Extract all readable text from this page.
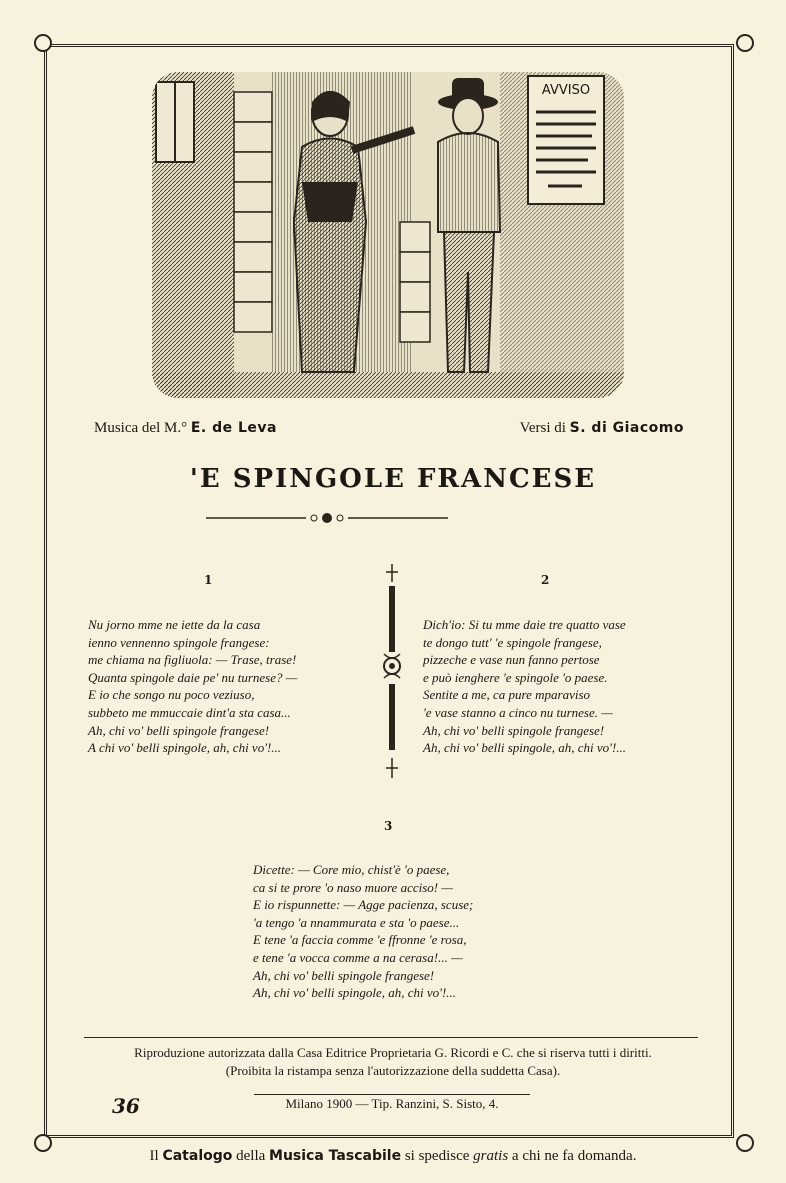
AVVISO
Musica del M.° E. de Leva	Versi di S. di Giacomo
'E SPINGOLE FRANCESE
1
Nu jorno mme ne iette da la casa
ienno vennenno spingole frangese:
me chiama na figliuola: — Trase, trase!
Quanta spingole daie pe' nu turnese? —
E io che songo nu poco veziuso,
subbeto me mmuccaie dint'a sta casa...
Ah, chi vo' belli spingole frangese!
A chi vo' belli spingole, ah, chi vo'!...
2
Dich'io: Si tu mme daie tre quatto vase
te dongo tutt' 'e spingole frangese,
pizzeche e vase nun fanno pertose
e può ienghere 'e spingole 'o paese.
Sentite a me, ca pure mparaviso
'e vase stanno a cinco nu turnese. —
Ah, chi vo' belli spingole frangese!
Ah, chi vo' belli spingole, ah, chi vo'!...
3
Dicette: — Core mio, chist'è 'o paese,
ca si te prore 'o naso muore acciso! —
E io rispunnette: — Agge pacienza, scuse;
'a tengo 'a nnammurata e sta 'o paese...
E tene 'a faccia comme 'e ffronne 'e rosa,
e tene 'a vocca comme a na cerasa!... —
Ah, chi vo' belli spingole frangese!
Ah, chi vo' belli spingole, ah, chi vo'!...
Riproduzione autorizzata dalla Casa Editrice Proprietaria G. Ricordi e C. che si riserva tutti i diritti.
(Proibita la ristampa senza l'autorizzazione della suddetta Casa).
36	Milano 1900 — Tip. Ranzini, S. Sisto, 4.
Il Catalogo della Musica Tascabile si spedisce gratis a chi ne fa domanda.
